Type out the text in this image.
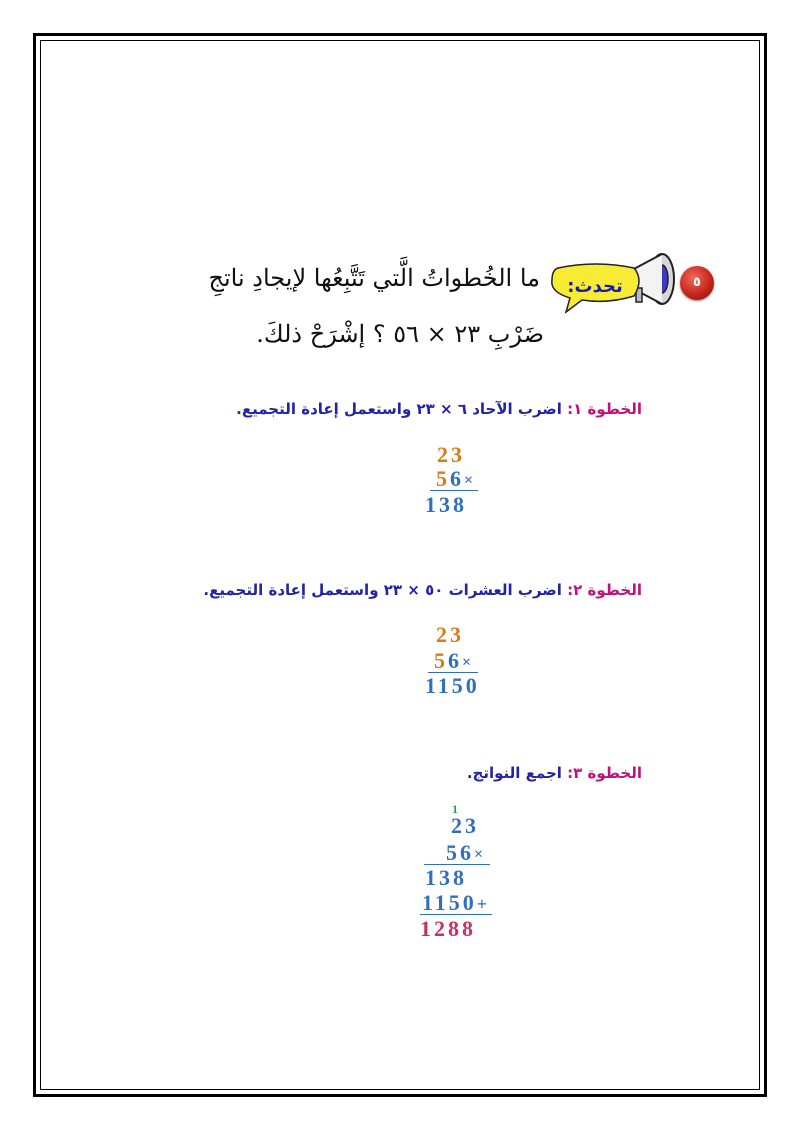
٥
تحدث:
ما الخُطواتُ الَّتي تَتَّبِعُها لإيجادِ ناتجِ
ضَرْبِ ٢٣ × ٥٦ ؟ إشْرَحْ ذلكَ.
الخطوة ١: اضرب الآحاد ٦ × ٢٣ واستعمل إعادة التجميع.
23
56×
138
الخطوة ٢: اضرب العشرات ٥٠ × ٢٣ واستعمل إعادة التجميع.
23
56×
1150
الخطوة ٣: اجمع النواتج.
1
23
56×
138
1150+
1288
